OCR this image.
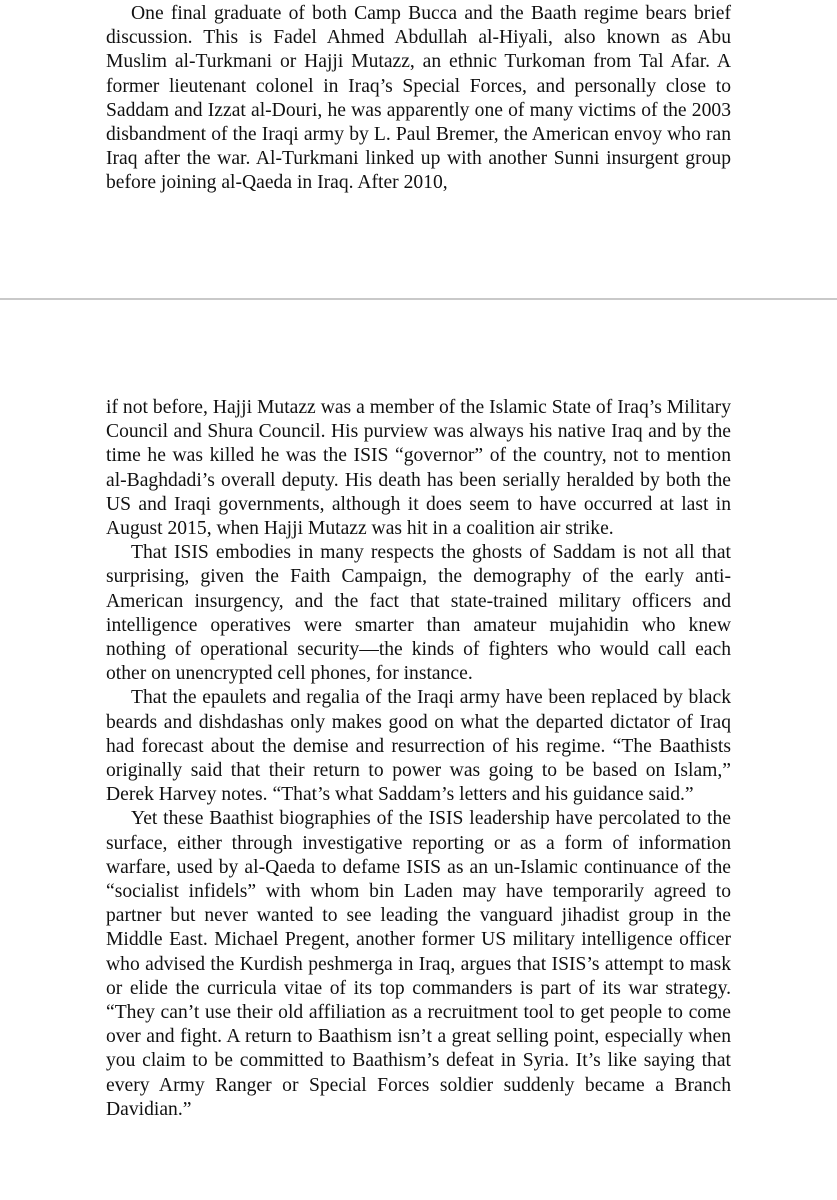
One final graduate of both Camp Bucca and the Baath regime bears brief discussion. This is Fadel Ahmed Abdullah al-Hiyali, also known as Abu Muslim al-Turkmani or Hajji Mutazz, an ethnic Turkoman from Tal Afar. A former lieutenant colonel in Iraq’s Special Forces, and personally close to Saddam and Izzat al-Douri, he was apparently one of many victims of the 2003 disbandment of the Iraqi army by L. Paul Bremer, the American envoy who ran Iraq after the war. Al-Turkmani linked up with another Sunni insurgent group before joining al-Qaeda in Iraq. After 2010,

if not before, Hajji Mutazz was a member of the Islamic State of Iraq’s Military Council and Shura Council. His purview was always his native Iraq and by the time he was killed he was the ISIS “governor” of the country, not to mention al-Baghdadi’s overall deputy. His death has been serially heralded by both the US and Iraqi governments, although it does seem to have occurred at last in August 2015, when Hajji Mutazz was hit in a coalition air strike.

That ISIS embodies in many respects the ghosts of Saddam is not all that surprising, given the Faith Campaign, the demography of the early anti-American insurgency, and the fact that state-trained military officers and intelligence operatives were smarter than amateur mujahidin who knew nothing of operational security—the kinds of fighters who would call each other on unencrypted cell phones, for instance.

That the epaulets and regalia of the Iraqi army have been replaced by black beards and dishdashas only makes good on what the departed dictator of Iraq had forecast about the demise and resurrection of his regime. “The Baathists originally said that their return to power was going to be based on Islam,” Derek Harvey notes. “That’s what Saddam’s letters and his guidance said.”

Yet these Baathist biographies of the ISIS leadership have percolated to the surface, either through investigative reporting or as a form of information warfare, used by al-Qaeda to defame ISIS as an un-Islamic continuance of the “socialist infidels” with whom bin Laden may have temporarily agreed to partner but never wanted to see leading the vanguard jihadist group in the Middle East. Michael Pregent, another former US military intelligence officer who advised the Kurdish peshmerga in Iraq, argues that ISIS’s attempt to mask or elide the curricula vitae of its top commanders is part of its war strategy. “They can’t use their old affiliation as a recruitment tool to get people to come over and fight. A return to Baathism isn’t a great selling point, especially when you claim to be committed to Baathism’s defeat in Syria. It’s like saying that every Army Ranger or Special Forces soldier suddenly became a Branch Davidian.”
